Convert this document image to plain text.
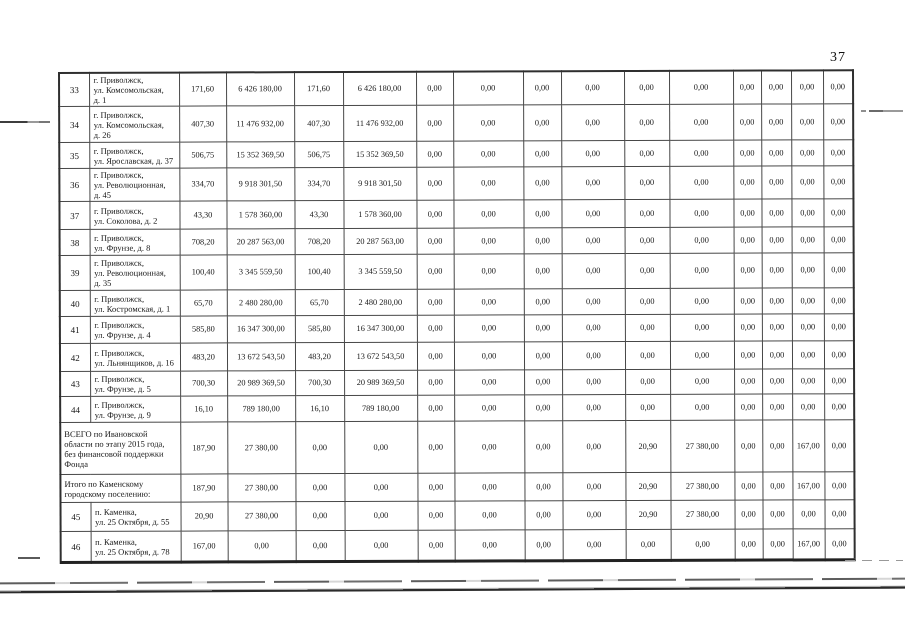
37
33	г. Приволжск,
ул. Комсомольская,
д. 1	171,60	6 426 180,00	171,60	6 426 180,00	0,00	0,00	0,00	0,00	0,00	0,00	0,00	0,00	0,00	0,00
34	г. Приволжск,
ул. Комсомольская,
д. 26	407,30	11 476 932,00	407,30	11 476 932,00	0,00	0,00	0,00	0,00	0,00	0,00	0,00	0,00	0,00	0,00
35	г. Приволжск,
ул. Ярославская, д. 37	506,75	15 352 369,50	506,75	15 352 369,50	0,00	0,00	0,00	0,00	0,00	0,00	0,00	0,00	0,00	0,00
36	г. Приволжск,
ул. Революционная,
д. 45	334,70	9 918 301,50	334,70	9 918 301,50	0,00	0,00	0,00	0,00	0,00	0,00	0,00	0,00	0,00	0,00
37	г. Приволжск,
ул. Соколова, д. 2	43,30	1 578 360,00	43,30	1 578 360,00	0,00	0,00	0,00	0,00	0,00	0,00	0,00	0,00	0,00	0,00
38	г. Приволжск,
ул. Фрунзе, д. 8	708,20	20 287 563,00	708,20	20 287 563,00	0,00	0,00	0,00	0,00	0,00	0,00	0,00	0,00	0,00	0,00
39	г. Приволжск,
ул. Революционная,
д. 35	100,40	3 345 559,50	100,40	3 345 559,50	0,00	0,00	0,00	0,00	0,00	0,00	0,00	0,00	0,00	0,00
40	г. Приволжск,
ул. Костромская, д. 1	65,70	2 480 280,00	65,70	2 480 280,00	0,00	0,00	0,00	0,00	0,00	0,00	0,00	0,00	0,00	0,00
41	г. Приволжск,
ул. Фрунзе, д. 4	585,80	16 347 300,00	585,80	16 347 300,00	0,00	0,00	0,00	0,00	0,00	0,00	0,00	0,00	0,00	0,00
42	г. Приволжск,
ул. Льнянщиков, д. 16	483,20	13 672 543,50	483,20	13 672 543,50	0,00	0,00	0,00	0,00	0,00	0,00	0,00	0,00	0,00	0,00
43	г. Приволжск,
ул. Фрунзе, д. 5	700,30	20 989 369,50	700,30	20 989 369,50	0,00	0,00	0,00	0,00	0,00	0,00	0,00	0,00	0,00	0,00
44	г. Приволжск,
ул. Фрунзе, д. 9	16,10	789 180,00	16,10	789 180,00	0,00	0,00	0,00	0,00	0,00	0,00	0,00	0,00	0,00	0,00
ВСЕГО по Ивановской
области по этапу 2015 года,
без финансовой поддержки
Фонда		187,90	27 380,00	0,00	0,00	0,00	0,00	0,00	0,00	20,90	27 380,00	0,00	0,00	167,00	0,00
Итого по Каменскому
городскому поселению:		187,90	27 380,00	0,00	0,00	0,00	0,00	0,00	0,00	20,90	27 380,00	0,00	0,00	167,00	0,00
45	п. Каменка,
ул. 25 Октября, д. 55	20,90	27 380,00	0,00	0,00	0,00	0,00	0,00	0,00	20,90	27 380,00	0,00	0,00	0,00	0,00
46	п. Каменка,
ул. 25 Октября, д. 78	167,00	0,00	0,00	0,00	0,00	0,00	0,00	0,00	0,00	0,00	0,00	0,00	167,00	0,00
